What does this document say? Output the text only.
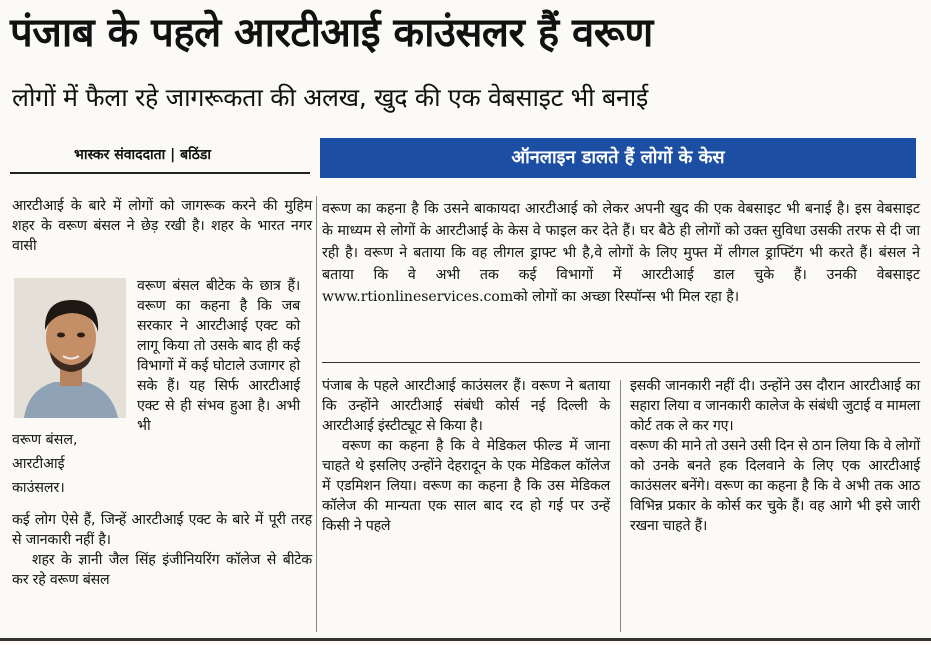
पंजाब के पहले आरटीआई काउंसलर हैं वरूण
लोगों में फैला रहे जागरूकता की अलख, खुद की एक वेबसाइट भी बनाई
भास्कर संवाददाता | बठिंडा	ऑनलाइन डालते हैं लोगों के केस
वरूण का कहना है कि उसने बाकायदा आरटीआई को लेकर अपनी खुद की एक वेबसाइट भी बनाई है। इस वेबसाइट के माध्यम से लोगों के आरटीआई के केस वे फाइल कर देते हैं। घर बैठे ही लोगों को उक्त सुविधा उसकी तरफ से दी जा रही है। वरूण ने बताया कि वह लीगल ड्राफ्ट भी है,वे लोगों के लिए मुफ्त में लीगल ड्राफ्टिंग भी करते हैं। बंसल ने बताया कि वे अभी तक कई विभागों में आरटीआई डाल चुके हैं। उनकी वेबसाइट www.rtionlineservices.comको लोगों का अच्छा रिस्पॉन्स भी मिल रहा है।

आरटीआई के बारे में लोगों को जागरूक करने की मुहिम शहर के वरूण बंसल ने छेड़ रखी है। शहर के भारत नगर वासी

वरूण बंसल बीटेक के छात्र हैं। वरूण का कहना है कि जब सरकार ने आरटीआई एक्ट को लागू किया तो उसके बाद ही कई विभागों में कई घोटाले उजागर हो सके हैं। यह सिर्फ आरटीआई एक्ट से ही संभव हुआ है। अभी भी

वरूण बंसल,
आरटीआई
काउंसलर।

कई लोग ऐसे हैं, जिन्हें आरटीआई एक्ट के बारे में पूरी तरह से जानकारी नहीं है।

शहर के ज्ञानी जैल सिंह इंजीनियरिंग कॉलेज से बीटेक कर रहे वरूण बंसल

पंजाब के पहले आरटीआई काउंसलर हैं। वरूण ने बताया कि उन्होंने आरटीआई संबंधी कोर्स नई दिल्ली के आरटीआई इंस्टीट्यूट से किया है।

वरूण का कहना है कि वे मेडिकल फील्ड में जाना चाहते थे इसलिए उन्होंने देहरादून के एक मेडिकल कॉलेज में एडमिशन लिया। वरूण का कहना है कि उस मेडिकल कॉलेज की मान्यता एक साल बाद रद हो गई पर उन्हें किसी ने पहले

इसकी जानकारी नहीं दी। उन्होंने उस दौरान आरटीआई का सहारा लिया व जानकारी कालेज के संबंधी जुटाई व मामला कोर्ट तक ले कर गए।

वरूण की माने तो उसने उसी दिन से ठान लिया कि वे लोगों को उनके बनते हक दिलवाने के लिए एक आरटीआई काउंसलर बनेंगे। वरूण का कहना है कि वे अभी तक आठ विभिन्न प्रकार के कोर्स कर चुके हैं। वह आगे भी इसे जारी रखना चाहते हैं।
